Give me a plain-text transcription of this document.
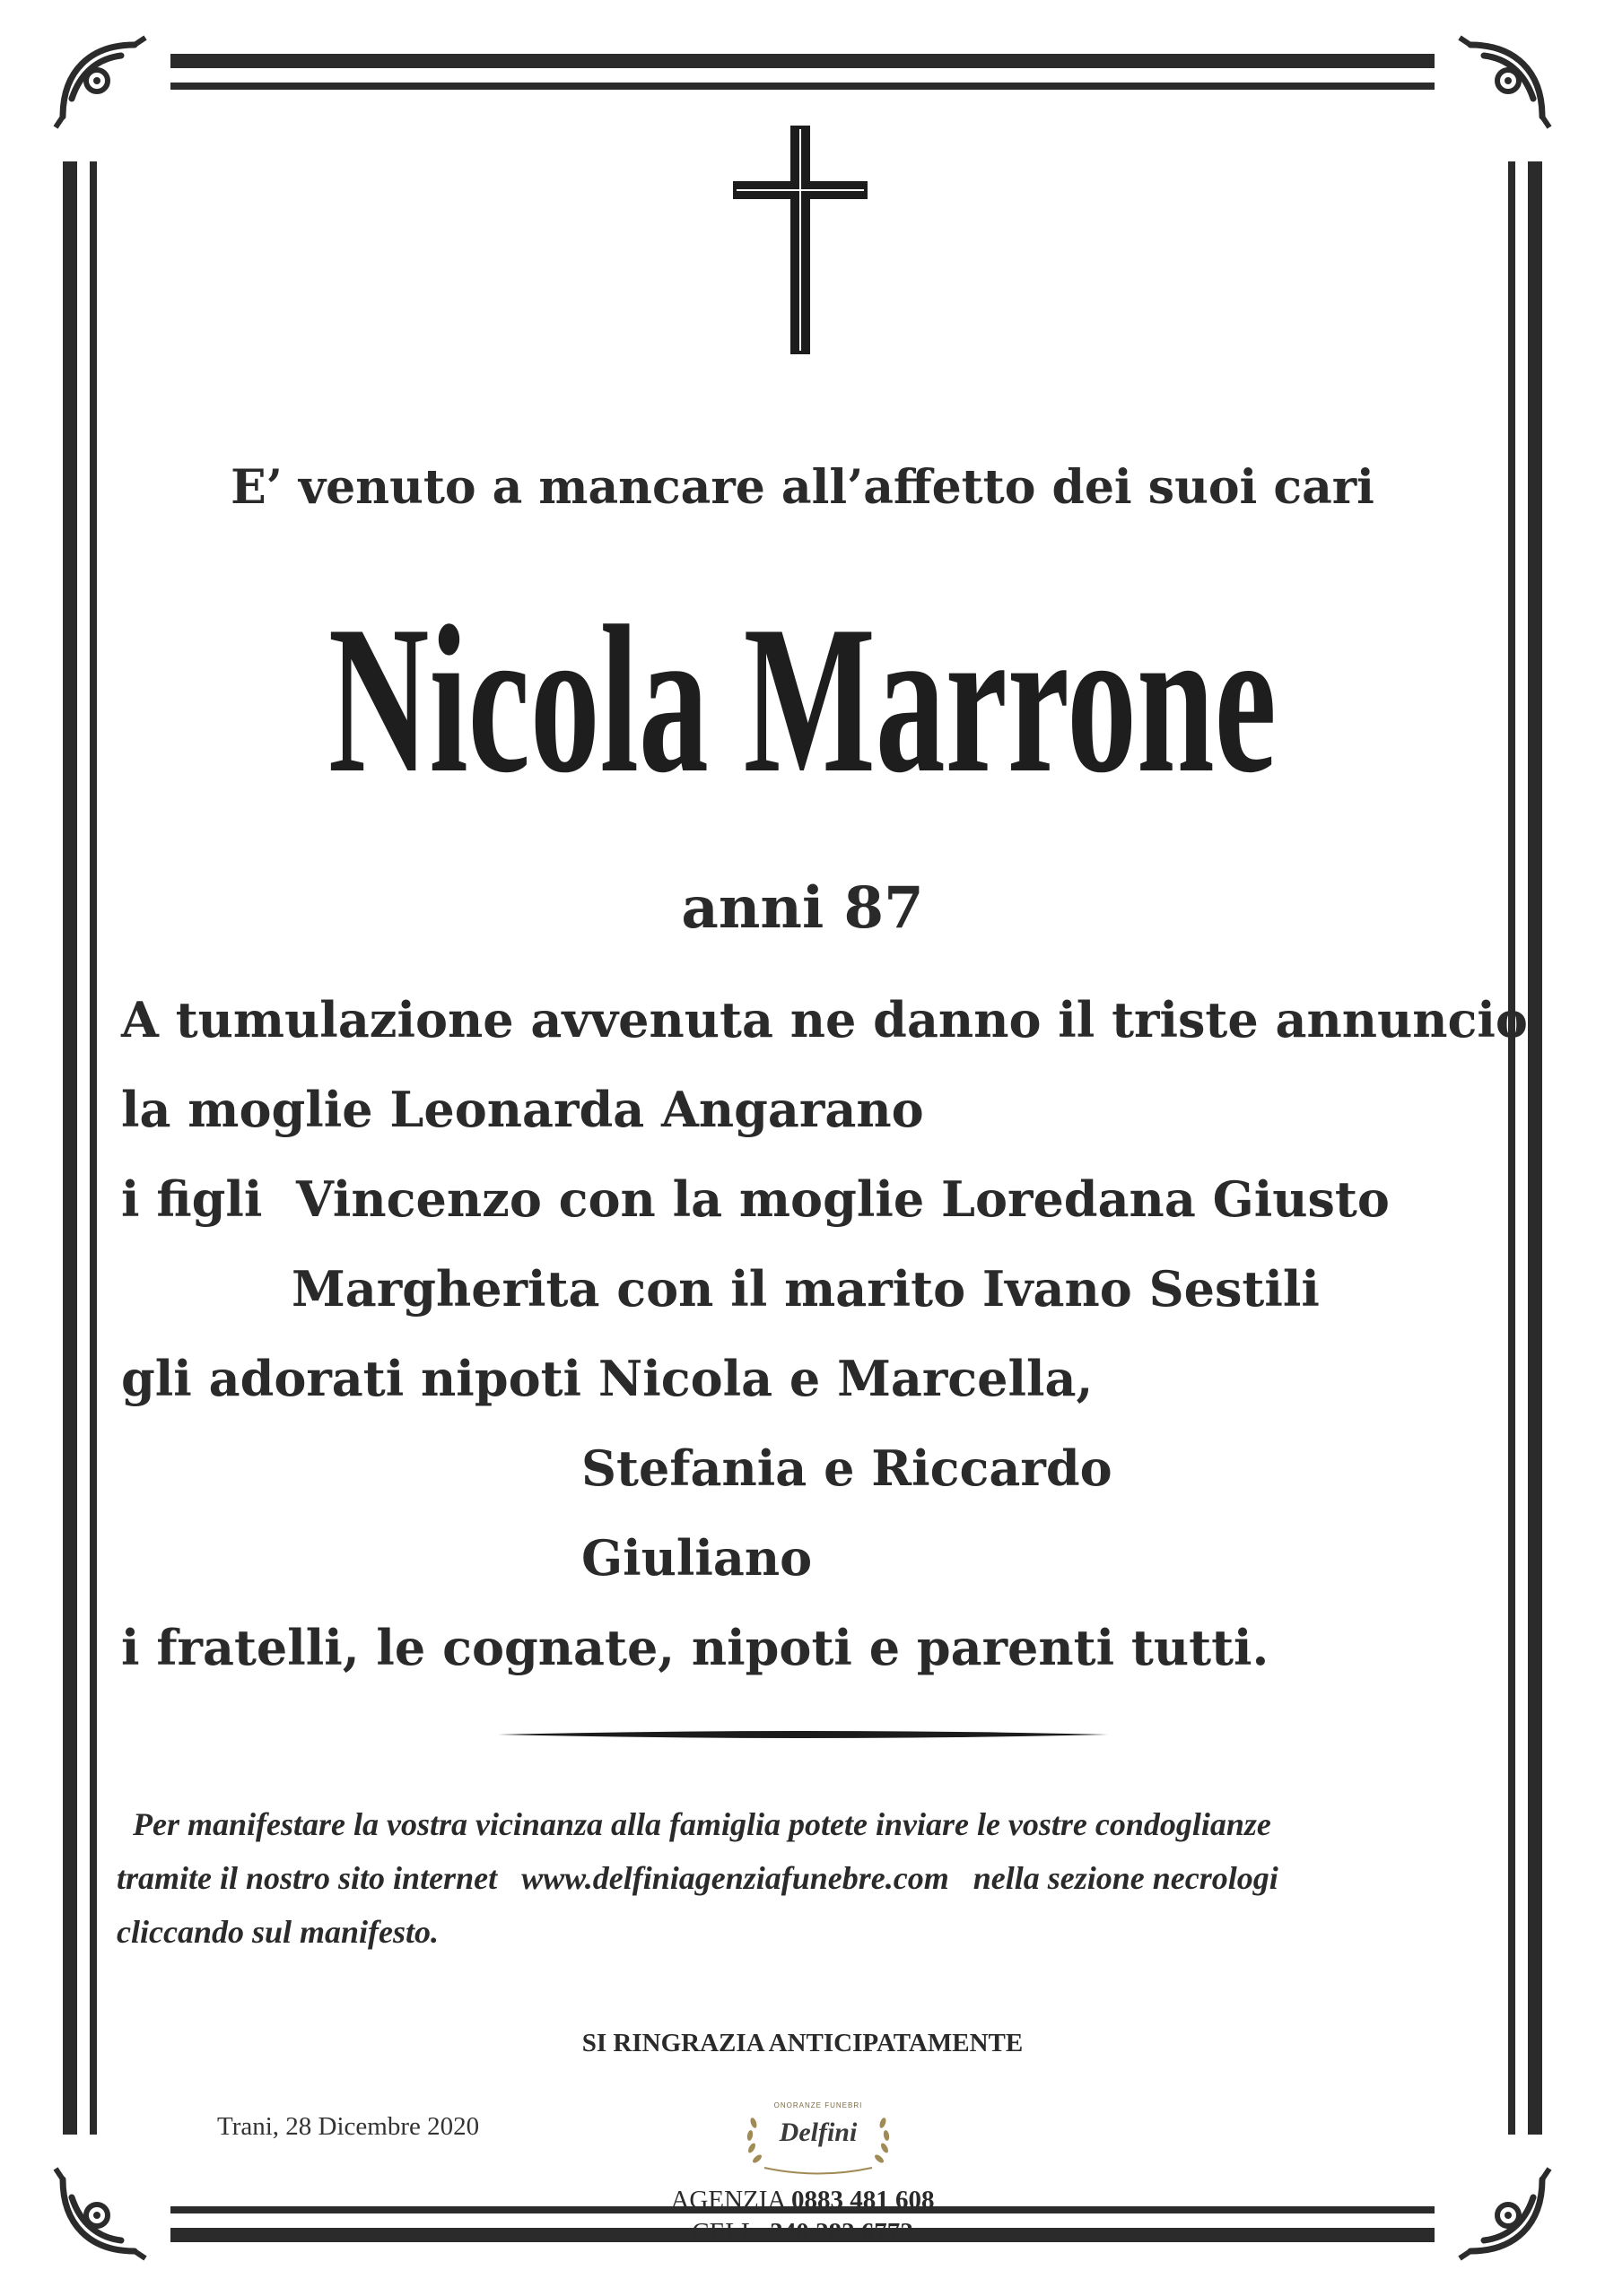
E’ venuto a mancare all’affetto dei suoi cari
Nicola Marrone
anni 87
A tumulazione avvenuta ne danno il triste annuncio
la moglie Leonarda Angarano
i figli  Vincenzo con la moglie Loredana Giusto
Margherita con il marito Ivano Sestili
gli adorati nipoti Nicola e Marcella,
Stefania e Riccardo
Giuliano
i fratelli, le cognate, nipoti e parenti tutti.
Per manifestare la vostra vicinanza alla famiglia potete inviare le vostre condoglianze
tramite il nostro sito internet   www.delfiniagenziafunebre.com   nella sezione necrologi
cliccando sul manifesto.
SI RINGRAZIA ANTICIPATAMENTE
Trani, 28 Dicembre 2020
ONORANZE FUNEBRI
Delfini
AGENZIA 0883 481 608
CELL. 340 282 6772
